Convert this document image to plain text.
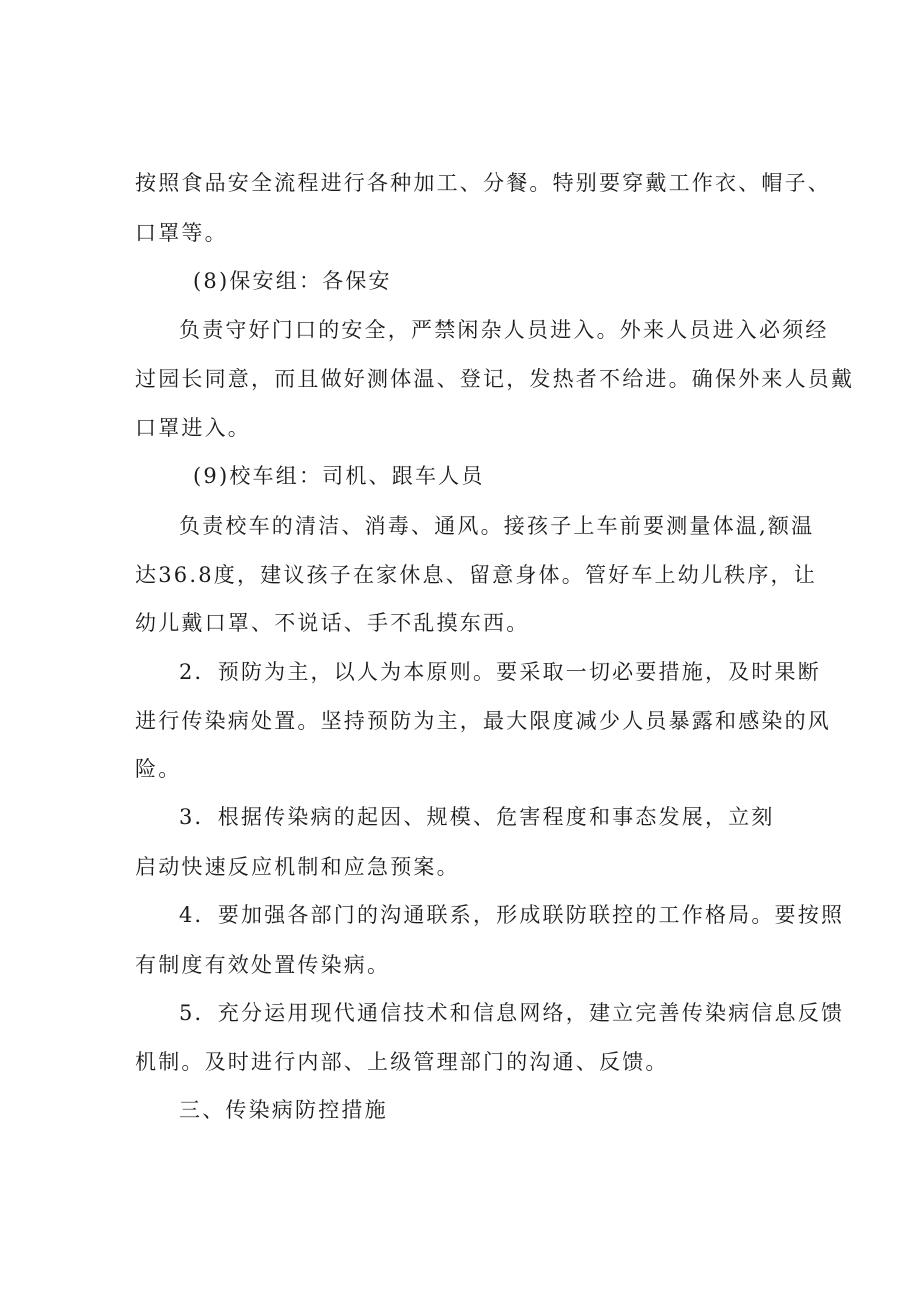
按照食品安全流程进行各种加工、分餐。特别要穿戴工作衣、帽子、
口罩等。
(8)保安组：各保安
负责守好门口的安全，严禁闲杂人员进入。外来人员进入必须经
过园长同意，而且做好测体温、登记，发热者不给进。确保外来人员戴
口罩进入。
(9)校车组：司机、跟车人员
负责校车的清洁、消毒、通风。接孩子上车前要测量体温,额温
达36.8度，建议孩子在家休息、留意身体。管好车上幼儿秩序，让
幼儿戴口罩、不说话、手不乱摸东西。
2．预防为主，以人为本原则。要采取一切必要措施，及时果断
进行传染病处置。坚持预防为主，最大限度减少人员暴露和感染的风
险。
3．根据传染病的起因、规模、危害程度和事态发展，立刻
启动快速反应机制和应急预案。
4．要加强各部门的沟通联系，形成联防联控的工作格局。要按照
有制度有效处置传染病。
5．充分运用现代通信技术和信息网络，建立完善传染病信息反馈
机制。及时进行内部、上级管理部门的沟通、反馈。
三、传染病防控措施
